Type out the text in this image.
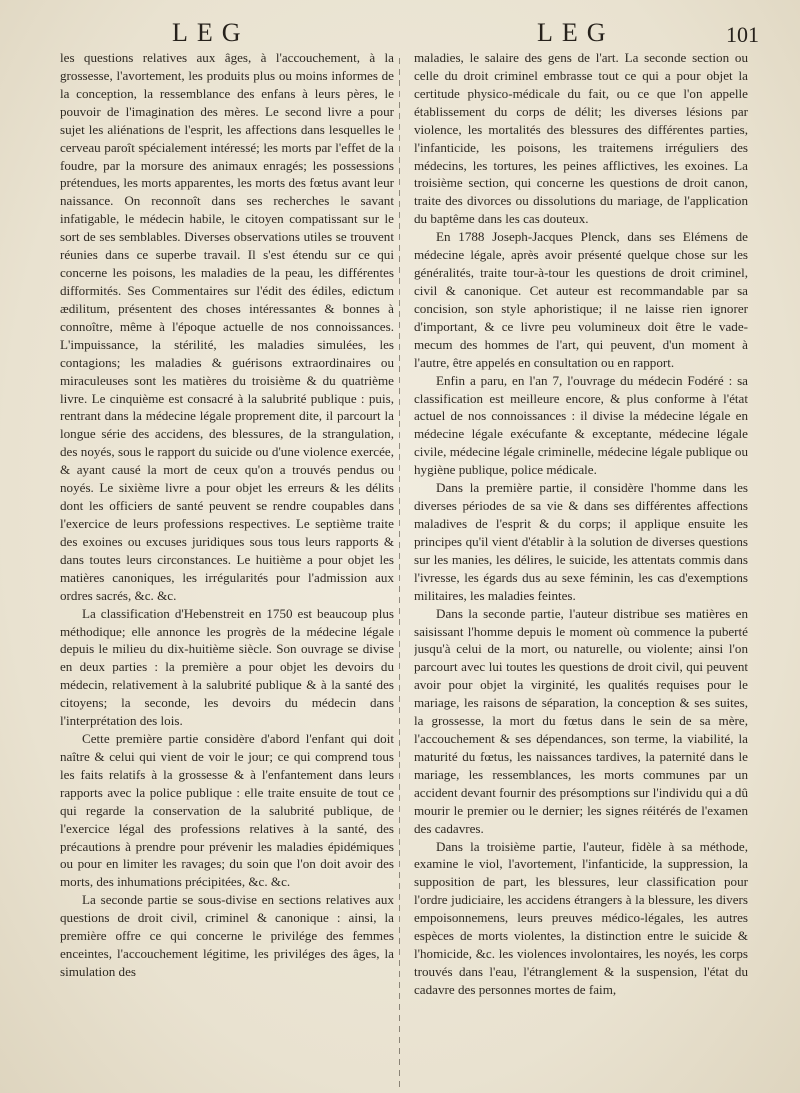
LEG	LEG	101

les questions relatives aux âges, à l'accouchement, à la grossesse, l'avortement, les produits plus ou moins informes de la conception, la ressemblance des enfans à leurs pères, le pouvoir de l'imagination des mères. Le second livre a pour sujet les aliénations de l'esprit, les affections dans lesquelles le cerveau paroît spécialement intéressé; les morts par l'effet de la foudre, par la morsure des animaux enragés; les possessions prétendues, les morts apparentes, les morts des fœtus avant leur naissance. On reconnoît dans ses recherches le savant infatigable, le médecin habile, le citoyen compatissant sur le sort de ses semblables. Diverses observations utiles se trouvent réunies dans ce superbe travail. Il s'est étendu sur ce qui concerne les poisons, les maladies de la peau, les différentes difformités. Ses Commentaires sur l'édit des édiles, edictum ædilitum, présentent des choses intéressantes & bonnes à connoître, même à l'époque actuelle de nos connoissances. L'impuissance, la stérilité, les maladies simulées, les contagions; les maladies & guérisons extraordinaires ou miraculeuses sont les matières du troisième & du quatrième livre. Le cinquième est consacré à la salubrité publique : puis, rentrant dans la médecine légale proprement dite, il parcourt la longue série des accidens, des blessures, de la strangulation, des noyés, sous le rapport du suicide ou d'une violence exercée, & ayant causé la mort de ceux qu'on a trouvés pendus ou noyés. Le sixième livre a pour objet les erreurs & les délits dont les officiers de santé peuvent se rendre coupables dans l'exercice de leurs professions respectives. Le septième traite des exoines ou excuses juridiques sous tous leurs rapports & dans toutes leurs circonstances. Le huitième a pour objet les matières canoniques, les irrégularités pour l'admission aux ordres sacrés, &c. &c.

La classification d'Hebenstreit en 1750 est beaucoup plus méthodique; elle annonce les progrès de la médecine légale depuis le milieu du dix-huitième siècle. Son ouvrage se divise en deux parties : la première a pour objet les devoirs du médecin, relativement à la salubrité publique & à la santé des citoyens; la seconde, les devoirs du médecin dans l'interprétation des lois.

Cette première partie considère d'abord l'enfant qui doit naître & celui qui vient de voir le jour; ce qui comprend tous les faits relatifs à la grossesse & à l'enfantement dans leurs rapports avec la police publique : elle traite ensuite de tout ce qui regarde la conservation de la salubrité publique, de l'exercice légal des professions relatives à la santé, des précautions à prendre pour prévenir les maladies épidémiques ou pour en limiter les ravages; du soin que l'on doit avoir des morts, des inhumations précipitées, &c. &c.

La seconde partie se sous-divise en sections relatives aux questions de droit civil, criminel & canonique : ainsi, la première offre ce qui concerne le privilége des femmes enceintes, l'accouchement légitime, les priviléges des âges, la simulation des

maladies, le salaire des gens de l'art. La seconde section ou celle du droit criminel embrasse tout ce qui a pour objet la certitude physico-médicale du fait, ou ce que l'on appelle établissement du corps de délit; les diverses lésions par violence, les mortalités des blessures des différentes parties, l'infanticide, les poisons, les traitemens irréguliers des médecins, les tortures, les peines afflictives, les exoines. La troisième section, qui concerne les questions de droit canon, traite des divorces ou dissolutions du mariage, de l'application du baptême dans les cas douteux.

En 1788 Joseph-Jacques Plenck, dans ses Elémens de médecine légale, après avoir présenté quelque chose sur les généralités, traite tour-à-tour les questions de droit criminel, civil & canonique. Cet auteur est recommandable par sa concision, son style aphoristique; il ne laisse rien ignorer d'important, & ce livre peu volumineux doit être le vade-mecum des hommes de l'art, qui peuvent, d'un moment à l'autre, être appelés en consultation ou en rapport.

Enfin a paru, en l'an 7, l'ouvrage du médecin Fodéré : sa classification est meilleure encore, & plus conforme à l'état actuel de nos connoissances : il divise la médecine légale en médecine légale exécufante & exceptante, médecine légale civile, médecine légale criminelle, médecine légale publique ou hygiène publique, police médicale.

Dans la première partie, il considère l'homme dans les diverses périodes de sa vie & dans ses différentes affections maladives de l'esprit & du corps; il applique ensuite les principes qu'il vient d'établir à la solution de diverses questions sur les manies, les délires, le suicide, les attentats commis dans l'ivresse, les égards dus au sexe féminin, les cas d'exemptions militaires, les maladies feintes.

Dans la seconde partie, l'auteur distribue ses matières en saisissant l'homme depuis le moment où commence la puberté jusqu'à celui de la mort, ou naturelle, ou violente; ainsi l'on parcourt avec lui toutes les questions de droit civil, qui peuvent avoir pour objet la virginité, les qualités requises pour le mariage, les raisons de séparation, la conception & ses suites, la grossesse, la mort du fœtus dans le sein de sa mère, l'accouchement & ses dépendances, son terme, la viabilité, la maturité du fœtus, les naissances tardives, la paternité dans le mariage, les ressemblances, les morts communes par un accident devant fournir des présomptions sur l'individu qui a dû mourir le premier ou le dernier; les signes réitérés de l'examen des cadavres.

Dans la troisième partie, l'auteur, fidèle à sa méthode, examine le viol, l'avortement, l'infanticide, la suppression, la supposition de part, les blessures, leur classification pour l'ordre judiciaire, les accidens étrangers à la blessure, les divers empoisonnemens, leurs preuves médico-légales, les autres espèces de morts violentes, la distinction entre le suicide & l'homicide, &c. les violences involontaires, les noyés, les corps trouvés dans l'eau, l'étranglement & la suspension, l'état du cadavre des personnes mortes de faim,
